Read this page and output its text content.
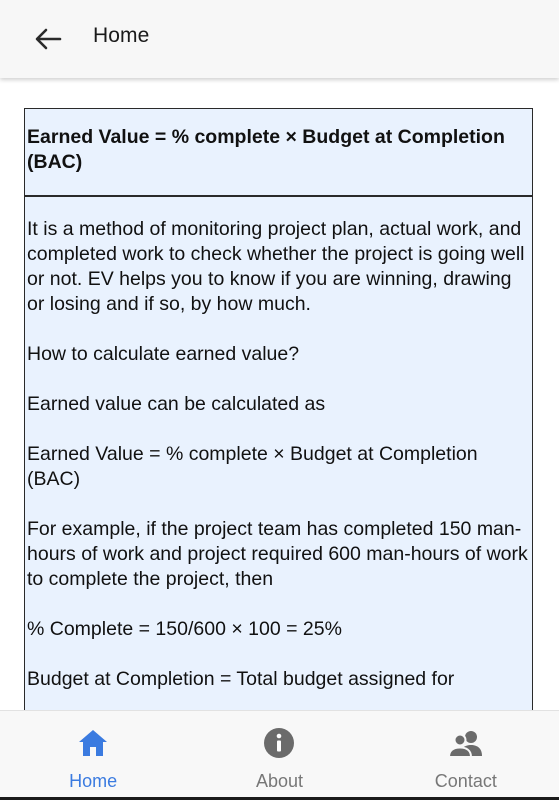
Home
Earned Value = % complete × Budget at Completion (BAC)

It is a method of monitoring project plan, actual work, and completed work to check whether the project is going well or not. EV helps you to know if you are winning, drawing or losing and if so, by how much.

How to calculate earned value?

Earned value can be calculated as

Earned Value = % complete × Budget at Completion (BAC)

For example, if the project team has completed 150 man-hours of work and project required 600 man-hours of work to complete the project, then

% Complete = 150/600 × 100 = 25%

Budget at Completion = Total budget assigned for

Home	About	Contact
